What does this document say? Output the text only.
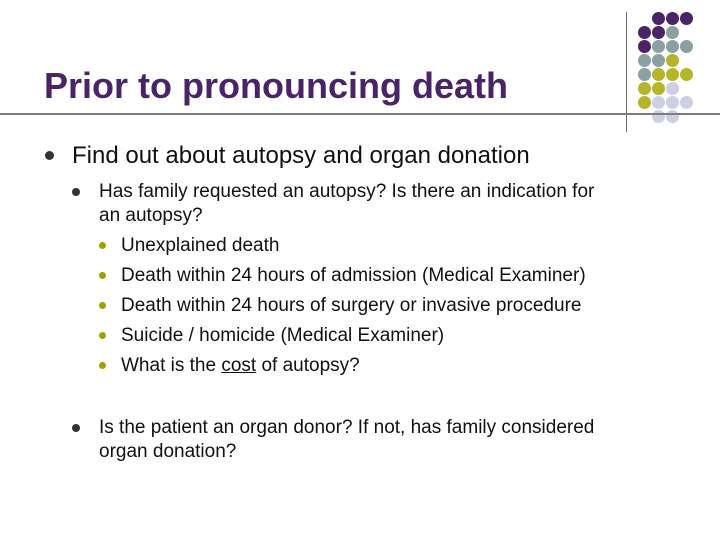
Prior to pronouncing death
Find out about autopsy and organ donation
Has family requested an autopsy? Is there an indication for
an autopsy?
Unexplained death
Death within 24 hours of admission (Medical Examiner)
Death within 24 hours of surgery or invasive procedure
Suicide / homicide (Medical Examiner)
What is the cost of autopsy?
Is the patient an organ donor? If not, has family considered
organ donation?
